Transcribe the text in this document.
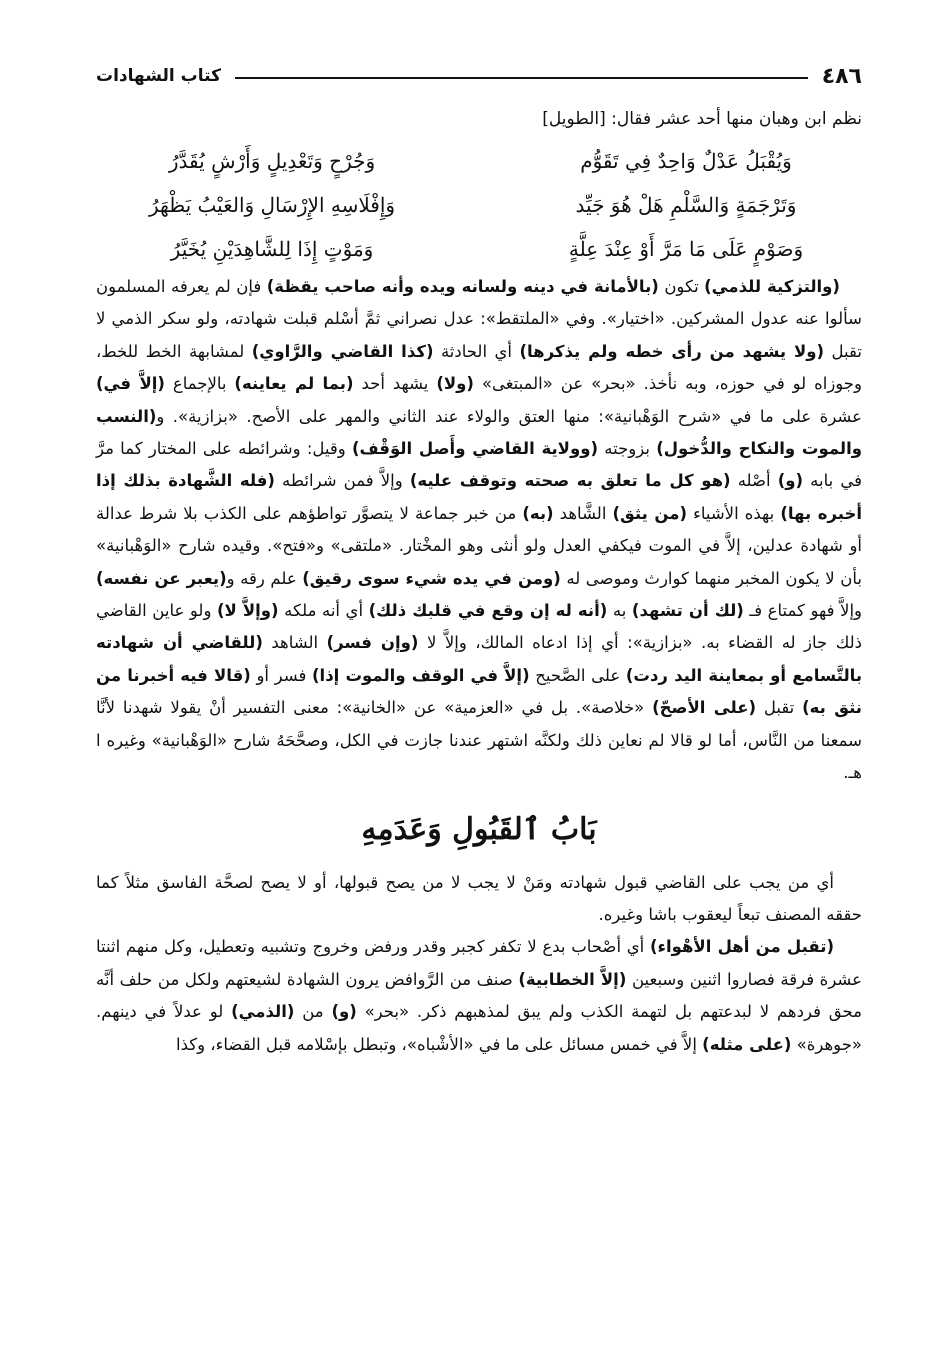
٤٨٦
كتاب الشهادات
نظم ابن وهبان منها أحد عشر فقال: [الطويل]
وَيُقْبَلُ عَدْلٌ وَاحِدٌ فِي تَقَوُّم
وَجُرْحٍ وَتَعْدِيلٍ وَأَرْشٍ يُقَدَّرُ
وَتَرْجَمَةٍ وَالسَّلْمِ هَلْ هُوَ جَيِّد
وَإِفْلَاسِهِ الإِرْسَالِ وَالعَيْبُ يَظْهَرُ
وَصَوْمٍ عَلَى مَا مَرَّ أَوْ عِنْدَ عِلَّةٍ
وَمَوْتٍ إِذَا لِلشَّاهِدَيْنِ يُخَيَّرُ

(والتزكية للذمي) تكون (بالأمانة في دينه ولسانه ويده وأنه صاحب يقظة) فإن لم يعرفه المسلمون سألوا عنه عدول المشركين. «اختيار». وفي «الملتقط»: عدل نصراني ثمَّ أسْلم قبلت شهادته، ولو سكر الذمي لا تقبل (ولا يشهد من رأى خطه ولم يذكرها) أي الحادثة (كذا القاضي والرَّاوي) لمشابهة الخط للخط، وجوزاه لو في حوزه، وبه نأخذ. «بحر» عن «المبتغى» (ولا) يشهد أحد (بما لم يعاينه) بالإجماع (إلاَّ في) عشرة على ما في «شرح الوَهْبانية»: منها العتق والولاء عند الثاني والمهر على الأصح. «بزازية». و(النسب والموت والنكاح والدُّخول) بزوجته (وولاية القاضي وأَصل الوَقْف) وقيل: وشرائطه على المختار كما مرَّ في بابه (و) أصْله (هو كل ما تعلق به صحته وتوقف عليه) وإلاَّ فمن شرائطه (فله الشَّهادة بذلك إذا أخبره بها) بهذه الأشياء (من يثق) الشَّاهد (به) من خبر جماعة لا يتصوَّر تواطؤهم على الكذب بلا شرط عدالة أو شهادة عدلين، إلاَّ في الموت فيكفي العدل ولو أنثى وهو المخْتار. «ملتقى» و«فتح». وقيده شارح «الوَهْبانية» بأن لا يكون المخبر منهما كوارث وموصى له (ومن في يده شيء سوى رقيق) علم رقه و(يعبر عن نفسه) وإلاَّ فهو كمتاع فـ (لك أن تشهد) به (أنه له إن وقع في قلبك ذلك) أي أنه ملكه (وإلاَّ لا) ولو عاين القاضي ذلك جاز له القضاء به. «بزازية»: أي إذا ادعاه المالك، وإلاَّ لا (وإن فسر) الشاهد (للقاضي أن شهادته بالتَّسامع أو بمعاينة اليد ردت) على الصَّحيح (إلاَّ في الوقف والموت إذا) فسر أو (قالا فيه أخبرنا من نثق به) تقبل (على الأصحّ) «خلاصة». بل في «العزمية» عن «الخانية»: معنى التفسير أنْ يقولا شهدنا لأنَّا سمعنا من النَّاس، أما لو قالا لم نعاين ذلك ولكنَّه اشتهر عندنا جازت في الكل، وصحَّحَهُ شارح «الوَهْبانية» وغيره ا هـ.

بَابُ ٱلقَبُولِ وَعَدَمِهِ

أي من يجب على القاضي قبول شهادته ومَنْ لا يجب لا من يصح قبولها، أو لا يصح لصحَّة الفاسق مثلاً كما حققه المصنف تبعاً ليعقوب باشا وغيره.

(تقبل من أهل الأهْواء) أي أصْحاب بدع لا تكفر كجبر وقدر ورفض وخروج وتشبيه وتعطيل، وكل منهم اثنتا عشرة فرقة فصاروا اثنين وسبعين (إلاَّ الخطابية) صنف من الرَّوافض يرون الشهادة لشيعتهم ولكل من حلف أنَّه محق فردهم لا لبدعتهم بل لتهمة الكذب ولم يبق لمذهبهم ذكر. «بحر» (و) من (الذمي) لو عدلاً في دينهم. «جوهرة» (على مثله) إلاَّ في خمس مسائل على ما في «الأشْباه»، وتبطل بإسْلامه قبل القضاء، وكذا
